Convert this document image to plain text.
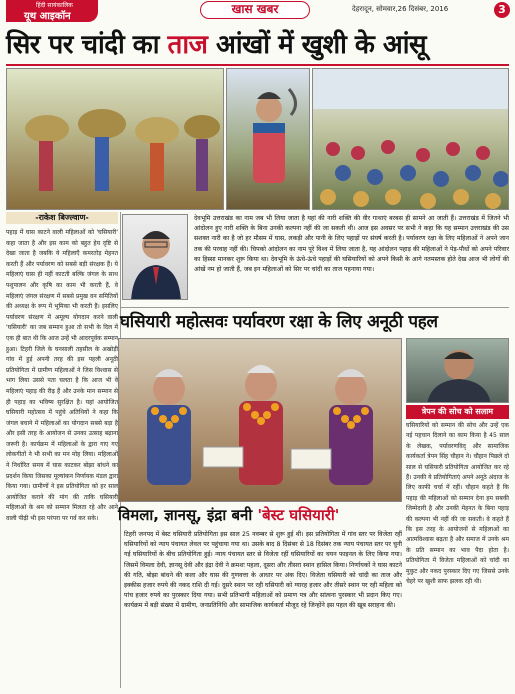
हिंदी सायंकालिक
यूथ आइकॉन
खास खबर	देहरादून, सोमवार,26 दिसंबर, 2016	3
सिर पर चांदी का ताज आंखों में खुशी के आंसू
-राकेश बिज्ल्वाण-
पहाड़ में घास काटने वाली महिलाओं को 'घसियारी' कहा जाता है और इस काम को बहुत हेय दृष्टि से देखा जाता है जबकि ये महिलाएँ कमरतोड़ मेहनत करती हैं और पर्यावरण को सबसे बड़ी संरक्षक हैं। ये महिलाएं घास ही नहीं काटती बल्कि जंगल के साथ पशुपालन और कृषि का काम भी करती हैं, वे महिलाएं जंगल संरक्षण में सबसे प्रमुख वन समितियों की अध्यक्ष के रूप में भूमिका भी करती हैं। इसलिए पर्यावरण संरक्षण में अमूल्य योगदान करने वाली 'घसियारी' का जब सम्मान हुआ तो सभी के दिल में एक ही बात थी कि आज उन्हें भी आदरपूर्वक सम्मान हुआ। टिहरी जिले के घनसाली तहसील के अखोड़ी गांव में हुई अपनी तरह की इस पहली अनूठी प्रतियोगिता में ग्रामीण महिलाओं ने जिस विश्वास से भाग लिया उससे पता चलता है कि आज भी वे महिलाएं पहाड़ की रीढ़ हैं और उनके मान सम्मान से ही पहाड़ का भविष्य सुरक्षित है। यहां आयोजित घसियारी महोत्सव में पहुंचे अतिथियों ने कहा कि जंगल बचाने में महिलाओं का योगदान सबसे बड़ा है और इसी तरह के आयोजन से उनका उत्साह बढ़ाना जरूरी है। कार्यक्रम में महिलाओं के द्वारा गाए गए लोकगीतों ने भी सभी का मन मोह लिया। महिलाओं ने निर्धारित समय में घास काटकर बोझा बांधने का प्रदर्शन किया जिसका मूल्यांकन निर्णायक मंडल द्वारा किया गया। ग्रामीणों ने इस प्रतियोगिता को हर साल आयोजित कराने की मांग की ताकि घसियारी महिलाओं के श्रम को सम्मान मिलता रहे और आने वाली पीढ़ी भी इस परंपरा पर गर्व कर सके।
देवभूमि उत्तराखंड का नाम जब भी लिया जाता है यहां की नारी शक्ति की वीर गाथाएं बरबस ही सामने आ जाती हैं। उत्तराखंड में जितने भी आंदोलन हुए नारी शक्ति के बिना उनकी कल्पना नहीं की जा सकती थी। आज इस अवसर पर सभी ने कहा कि यह सम्मान उत्तराखंड की उस सशक्त नारी का है जो हर मौसम में घास, लकड़ी और पानी के लिए पहाड़ों पर संघर्ष करती है। पर्यावरण रक्षा के लिए महिलाओं ने अपने जान तक की परवाह नहीं की। चिपको आंदोलन का नाम पूरे विश्व में लिया जाता है, यह आंदोलन पहाड़ की महिलाओं ने पेड़-पौधों को अपने परिवार का हिस्सा मानकर शुरू किया था। देवभूमि के ऊंचे-ऊंचे पहाड़ों की घसियारियों को अपने किसी के आगे नतमस्तक होते देख आज भी लोगों की आंखें नम हो जाती हैं, जब इन महिलाओं को सिर पर चांदी का ताज पहनाया गया।
घसियारी महोत्सवः पर्यावरण रक्षा के लिए अनूठी पहल
विमला, ज्ञानसू, इंद्रा बनी 'बेस्ट घसियारी'
त्रेपन की सोच को सलाम
घसियारियों को सम्मान की सोच और उन्हें एक नई पहचान दिलाने का काम किया है 45 साल के लेखक, पर्यावरणविद् और सामाजिक कार्यकर्ता त्रेपन सिंह चौहान ने। चौहान पिछले दो साल से घसियारी प्रतियोगिता आयोजित कर रहे हैं। उनकी ये प्रतियोगिताएं अपने अनूठे अंदाज के लिए काफी चर्चा में रहीं। चौहान कहते हैं कि पहाड़ की महिलाओं को सम्मान देना हम सबकी जिम्मेदारी है और उनकी मेहनत के बिना पहाड़ की कल्पना भी नहीं की जा सकती। वे कहते हैं कि इस तरह के आयोजनों से महिलाओं का आत्मविश्वास बढ़ता है और समाज में उनके श्रम के प्रति सम्मान का भाव पैदा होता है। प्रतियोगिता में विजेता महिलाओं को चांदी का मुकुट और नकद पुरस्कार दिए गए जिससे उनके चेहरे पर खुशी साफ झलक रही थी।
टिहरी जनपद में बेस्ट घसियारी प्रतियोगिता इस साल 25 नवम्बर से शुरू हुई थी। इस प्रतियोगिता में गांव स्तर पर विजेता रहीं घसियारियों को न्याय पंचायत लेवल पर पहुंचाया गया था। उसके बाद 8 दिसंबर से 18 दिसंबर तक न्याय पंचायत स्तर पर चुनी गई घसियारियों के बीच प्रतियोगिता हुई। न्याय पंचायत स्तर से विजेता रहीं घसियारियों का चयन फाइनल के लिए किया गया। जिसमें विमला देवी, ज्ञानसू देवी और इंद्रा देवी ने क्रमशः पहला, दूसरा और तीसरा स्थान हासिल किया। निर्णायकों ने घास काटने की गति, बोझा बांधने की कला और घास की गुणवत्ता के आधार पर अंक दिए। विजेता घसियारी को चांदी का ताज और इक्कीस हजार रुपये की नकद राशि दी गई। दूसरे स्थान पर रही घसियारी को ग्यारह हजार और तीसरे स्थान पर रही महिला को पांच हजार रुपये का पुरस्कार दिया गया। सभी प्रतिभागी महिलाओं को प्रमाण पत्र और सांत्वना पुरस्कार भी प्रदान किए गए। कार्यक्रम में बड़ी संख्या में ग्रामीण, जनप्रतिनिधि और सामाजिक कार्यकर्ता मौजूद रहे जिन्होंने इस पहल की खूब सराहना की।
